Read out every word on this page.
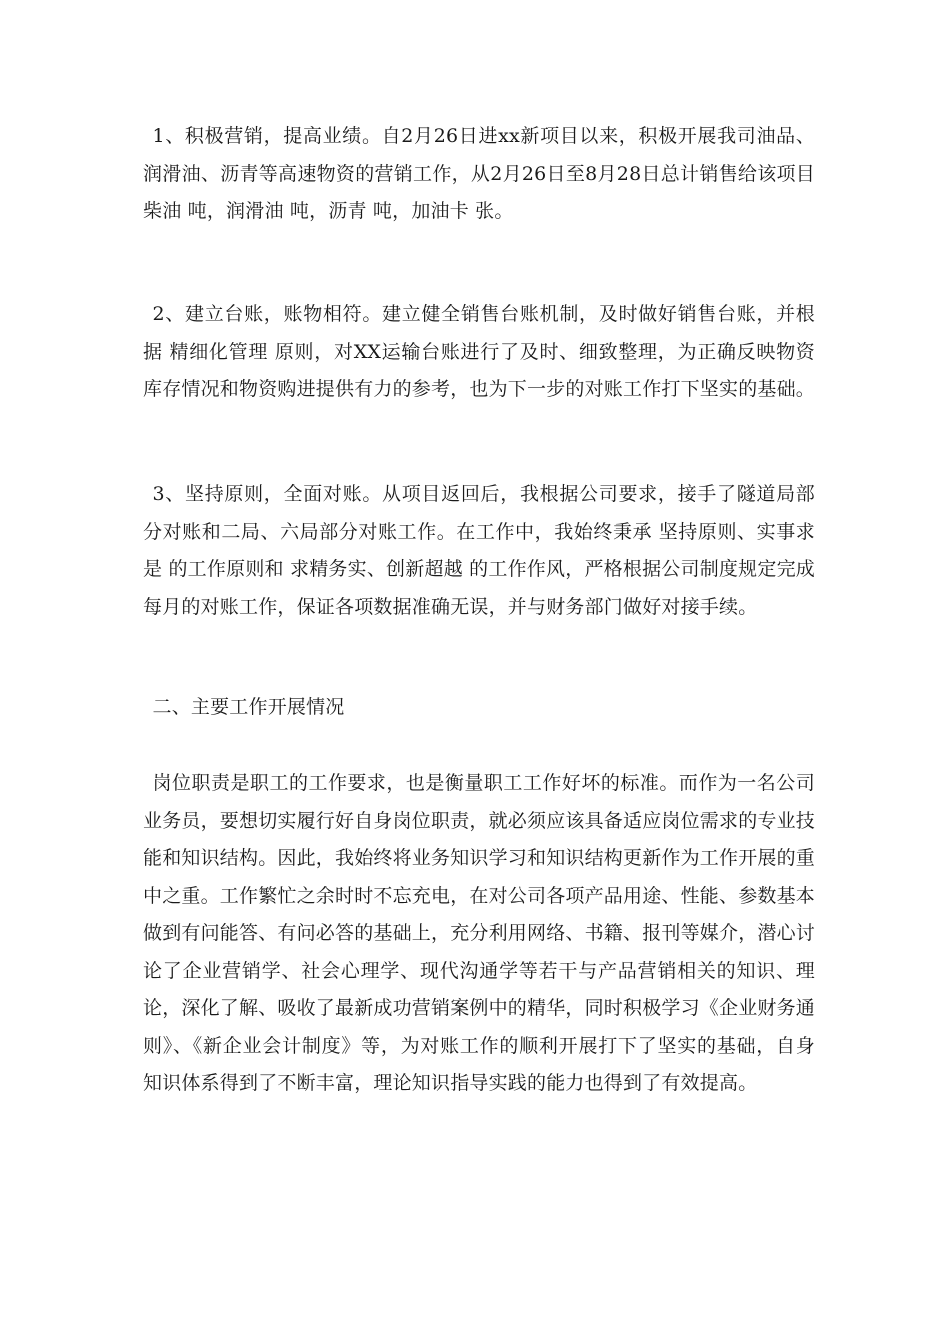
1、积极营销，提高业绩。自2月26日进xx新项目以来，积极开展我司油品、润滑油、沥青等高速物资的营销工作，从2月26日至8月28日总计销售给该项目柴油 吨，润滑油 吨，沥青 吨，加油卡 张。

2、建立台账，账物相符。建立健全销售台账机制，及时做好销售台账，并根据 精细化管理 原则，对XX运输台账进行了及时、细致整理，为正确反映物资库存情况和物资购进提供有力的参考，也为下一步的对账工作打下坚实的基础。

3、坚持原则，全面对账。从项目返回后，我根据公司要求，接手了隧道局部分对账和二局、六局部分对账工作。在工作中，我始终秉承 坚持原则、实事求是 的工作原则和 求精务实、创新超越 的工作作风，严格根据公司制度规定完成每月的对账工作，保证各项数据准确无误，并与财务部门做好对接手续。

二、主要工作开展情况

岗位职责是职工的工作要求，也是衡量职工工作好坏的标准。而作为一名公司业务员，要想切实履行好自身岗位职责，就必须应该具备适应岗位需求的专业技能和知识结构。因此，我始终将业务知识学习和知识结构更新作为工作开展的重中之重。工作繁忙之余时时不忘充电，在对公司各项产品用途、性能、参数基本做到有问能答、有问必答的基础上，充分利用网络、书籍、报刊等媒介，潜心讨论了企业营销学、社会心理学、现代沟通学等若干与产品营销相关的知识、理论，深化了解、吸收了最新成功营销案例中的精华，同时积极学习《企业财务通则》、《新企业会计制度》等，为对账工作的顺利开展打下了坚实的基础，自身知识体系得到了不断丰富，理论知识指导实践的能力也得到了有效提高。
